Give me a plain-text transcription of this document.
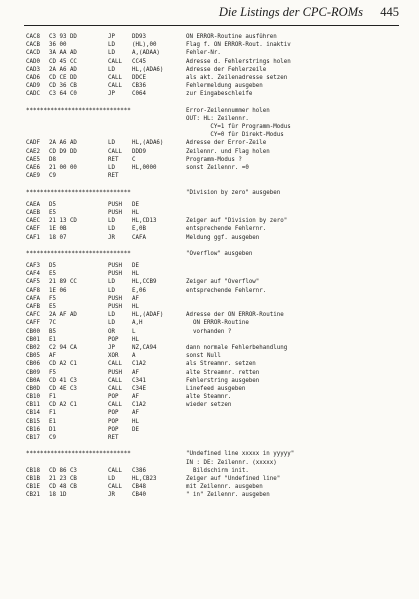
Die Listings der CPC-ROMs 445
CAC8 C3 93 DD	JP	DD93	ON ERROR-Routine ausführen
CACB 36 00	LD	(HL),00	Flag f. ON ERROR-Rout. inaktiv
CACD 3A AA AD	LD	A,(ADAA)	Fehler-Nr.
CAD0 CD 45 CC	CALL CC45	Adresse d. Fehlerstrings holen
CAD3 2A A6 AD	LD	HL,(ADA6)	Adresse der Fehlerzeile
CAD6 CD CE DD	CALL DDCE	als akt. Zeilenadresse setzen
CAD9 CD 36 CB	CALL CB36	Fehlermeldung ausgeben
CADC C3 64 C0	JP	C064	zur Eingabeschleife
******************************	Error-Zeilennummer holen
OUT: HL: Zeilennr.
CY=1 für Programm-Modus
CY=0 für Direkt-Modus
CADF 2A A6 AD	LD	HL,(ADA6)	Adresse der Error-Zeile
CAE2 CD D9 DD	CALL DDD9	Zeilennr. und Flag holen
CAE5 D8	RET C	Programm-Modus ?
CAE6 21 00 00	LD	HL,0000	sonst Zeilennr. =0
CAE9 C9	RET
******************************	"Division by zero" ausgeben
CAEA D5	PUSH DE
CAEB E5	PUSH HL
CAEC 21 13 CD	LD	HL,CD13	Zeiger auf "Division by zero"
CAEF 1E 0B	LD	E,0B	entsprechende Fehlernr.
CAF1 18 07	JR	CAFA	Meldung ggf. ausgeben
******************************	"Overflow" ausgeben
CAF3 D5	PUSH DE
CAF4 E5	PUSH HL
CAF5 21 89 CC	LD	HL,CCB9	Zeiger auf "Overflow"
CAF8 1E 06	LD	E,06	entsprechende Fehlernr.
CAFA F5	PUSH AF
CAFB E5	PUSH HL
CAFC 2A AF AD	LD	HL,(ADAF)	Adresse der ON ERROR-Routine
CAFF 7C	LD	A,H	ON ERROR-Routine
CB00 B5	OR	L	vorhanden ?
CB01 E1	POP HL
CB02 C2 94 CA	JP	NZ,CA94	dann normale Fehlerbehandlung
CB05 AF	XOR A	sonst Null
CB06 CD A2 C1	CALL C1A2	als Streamnr. setzen
CB09 F5	PUSH AF	alte Streamnr. retten
CB0A CD 41 C3	CALL C341	Fehlerstring ausgeben
CB0D CD 4E C3	CALL C34E	Linefeed ausgeben
CB10 F1	POP AF	alte Steamnr.
CB11 CD A2 C1	CALL C1A2	wieder setzen
CB14 F1	POP AF
CB15 E1	POP HL
CB16 D1	POP DE
CB17 C9	RET
******************************	"Undefined line xxxxx in yyyyy"
IN : DE: Zeilennr. (xxxxx)
CB18 CD 86 C3	CALL C386	Bildschirm init.
CB1B 21 23 CB	LD	HL,CB23	Zeiger auf "Undefined line"
CB1E CD 48 CB	CALL CB48	mit Zeilennr. ausgeben
CB21 18 1D	JR	CB40	" in" Zeilennr. ausgeben
